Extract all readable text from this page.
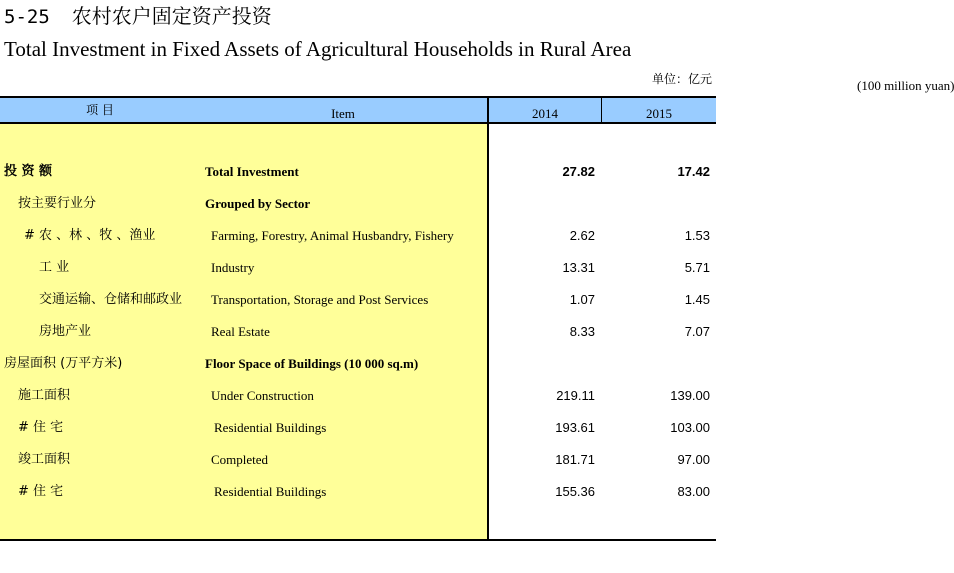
5-25 农村农户固定资产投资
Total Investment in Fixed Assets of Agricultural Households in Rural Area
单位：亿元	(100 million yuan)
项 目	Item	2014	2015
投 资 额	Total Investment	27.82	17.42
按主要行业分	Grouped by Sector
# 农 、林 、牧 、渔业	Farming, Forestry, Animal Husbandry, Fishery	2.62	1.53
工 业	Industry	13.31	5.71
交通运输、仓储和邮政业 Transportation, Storage and Post Services	1.07	1.45
房地产业	Real Estate	8.33	7.07
房屋面积 (万平方米)	Floor Space of Buildings (10 000 sq.m)
施工面积	Under Construction	219.11	139.00
# 住 宅	Residential Buildings	193.61	103.00
竣工面积	Completed	181.71	97.00
# 住 宅	Residential Buildings	155.36	83.00
